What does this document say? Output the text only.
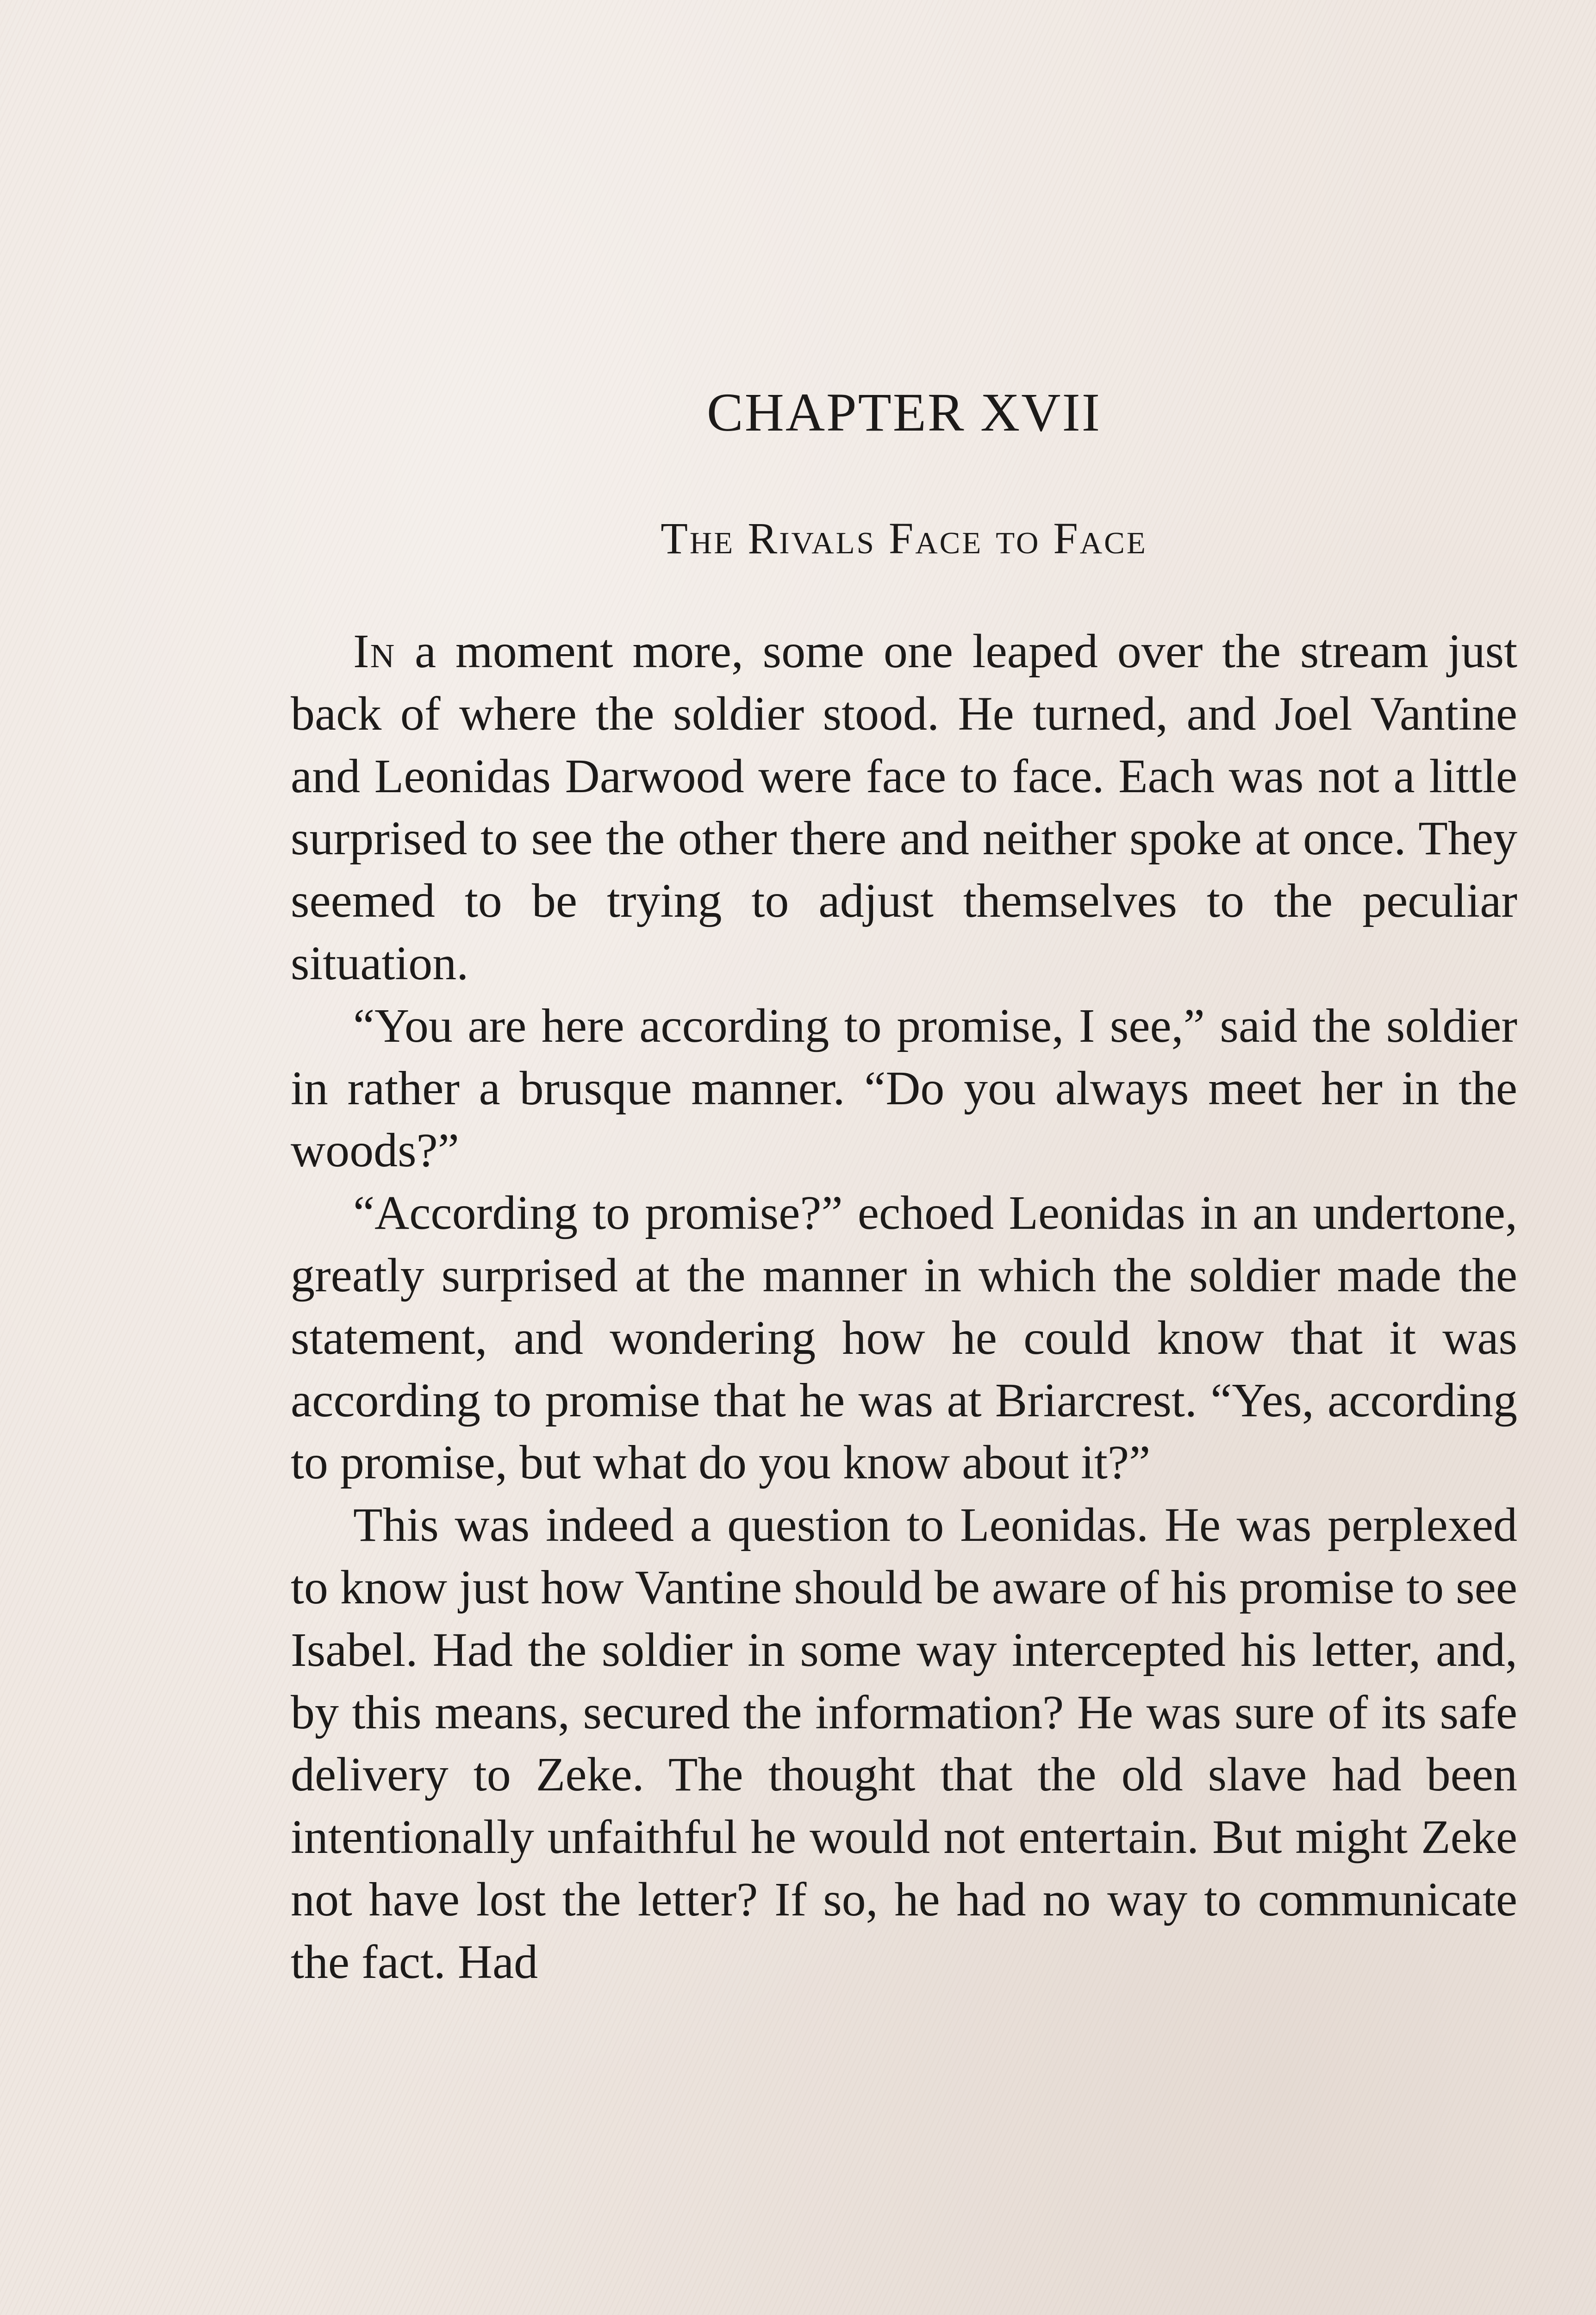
CHAPTER XVII
The Rivals Face to Face

In a moment more, some one leaped over the stream just back of where the soldier stood. He turned, and Joel Vantine and Leonidas Darwood were face to face. Each was not a little surprised to see the other there and neither spoke at once. They seemed to be trying to adjust themselves to the peculiar situation.

“You are here according to promise, I see,” said the soldier in rather a brusque manner. “Do you always meet her in the woods?”

“According to promise?” echoed Leonidas in an undertone, greatly surprised at the manner in which the soldier made the statement, and wondering how he could know that it was according to promise that he was at Briarcrest. “Yes, according to promise, but what do you know about it?”

This was indeed a question to Leonidas. He was perplexed to know just how Vantine should be aware of his promise to see Isabel. Had the soldier in some way intercepted his letter, and, by this means, secured the information? He was sure of its safe delivery to Zeke. The thought that the old slave had been intentionally unfaithful he would not entertain. But might Zeke not have lost the letter? If so, he had no way to communicate the fact. Had
